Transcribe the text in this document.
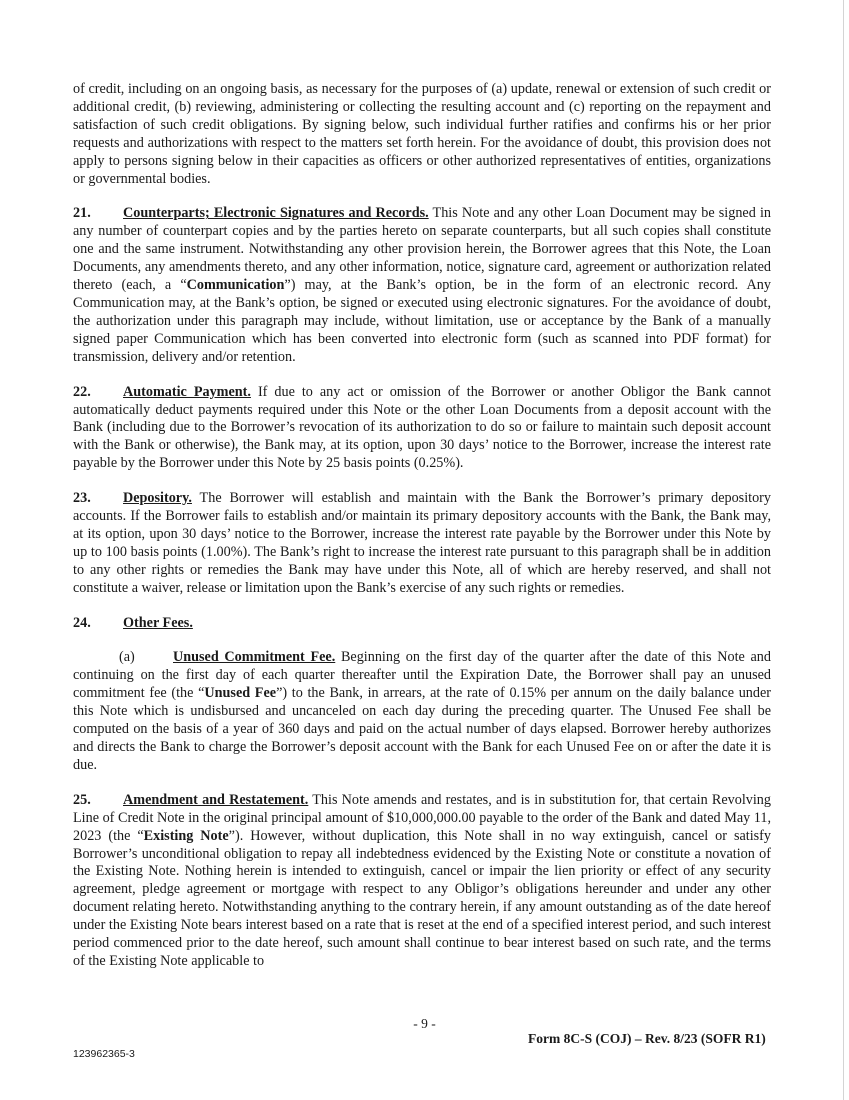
of credit, including on an ongoing basis, as necessary for the purposes of (a) update, renewal or extension of such credit or additional credit, (b) reviewing, administering or collecting the resulting account and (c) reporting on the repayment and satisfaction of such credit obligations. By signing below, such individual further ratifies and confirms his or her prior requests and authorizations with respect to the matters set forth herein. For the avoidance of doubt, this provision does not apply to persons signing below in their capacities as officers or other authorized representatives of entities, organizations or governmental bodies.

21. Counterparts; Electronic Signatures and Records. This Note and any other Loan Document may be signed in any number of counterpart copies and by the parties hereto on separate counterparts, but all such copies shall constitute one and the same instrument. Notwithstanding any other provision herein, the Borrower agrees that this Note, the Loan Documents, any amendments thereto, and any other information, notice, signature card, agreement or authorization related thereto (each, a “Communication”) may, at the Bank’s option, be in the form of an electronic record. Any Communication may, at the Bank’s option, be signed or executed using electronic signatures. For the avoidance of doubt, the authorization under this paragraph may include, without limitation, use or acceptance by the Bank of a manually signed paper Communication which has been converted into electronic form (such as scanned into PDF format) for transmission, delivery and/or retention.

22. Automatic Payment. If due to any act or omission of the Borrower or another Obligor the Bank cannot automatically deduct payments required under this Note or the other Loan Documents from a deposit account with the Bank (including due to the Borrower’s revocation of its authorization to do so or failure to maintain such deposit account with the Bank or otherwise), the Bank may, at its option, upon 30 days’ notice to the Borrower, increase the interest rate payable by the Borrower under this Note by 25 basis points (0.25%).

23. Depository. The Borrower will establish and maintain with the Bank the Borrower’s primary depository accounts. If the Borrower fails to establish and/or maintain its primary depository accounts with the Bank, the Bank may, at its option, upon 30 days’ notice to the Borrower, increase the interest rate payable by the Borrower under this Note by up to 100 basis points (1.00%). The Bank’s right to increase the interest rate pursuant to this paragraph shall be in addition to any other rights or remedies the Bank may have under this Note, all of which are hereby reserved, and shall not constitute a waiver, release or limitation upon the Bank’s exercise of any such rights or remedies.

24. Other Fees.

(a)	Unused Commitment Fee. Beginning on the first day of the quarter after the date of this Note and continuing on the first day of each quarter thereafter until the Expiration Date, the Borrower shall pay an unused commitment fee (the “Unused Fee”) to the Bank, in arrears, at the rate of 0.15% per annum on the daily balance under this Note which is undisbursed and uncanceled on each day during the preceding quarter. The Unused Fee shall be computed on the basis of a year of 360 days and paid on the actual number of days elapsed. Borrower hereby authorizes and directs the Bank to charge the Borrower’s deposit account with the Bank for each Unused Fee on or after the date it is due.

25. Amendment and Restatement. This Note amends and restates, and is in substitution for, that certain Revolving Line of Credit Note in the original principal amount of $10,000,000.00 payable to the order of the Bank and dated May 11, 2023 (the “Existing Note”). However, without duplication, this Note shall in no way extinguish, cancel or satisfy Borrower’s unconditional obligation to repay all indebtedness evidenced by the Existing Note or constitute a novation of the Existing Note. Nothing herein is intended to extinguish, cancel or impair the lien priority or effect of any security agreement, pledge agreement or mortgage with respect to any Obligor’s obligations hereunder and under any other document relating hereto. Notwithstanding anything to the contrary herein, if any amount outstanding as of the date hereof under the Existing Note bears interest based on a rate that is reset at the end of a specified interest period, and such interest period commenced prior to the date hereof, such amount shall continue to bear interest based on such rate, and the terms of the Existing Note applicable to

- 9 -
Form 8C-S (COJ) – Rev. 8/23 (SOFR R1)
123962365-3
